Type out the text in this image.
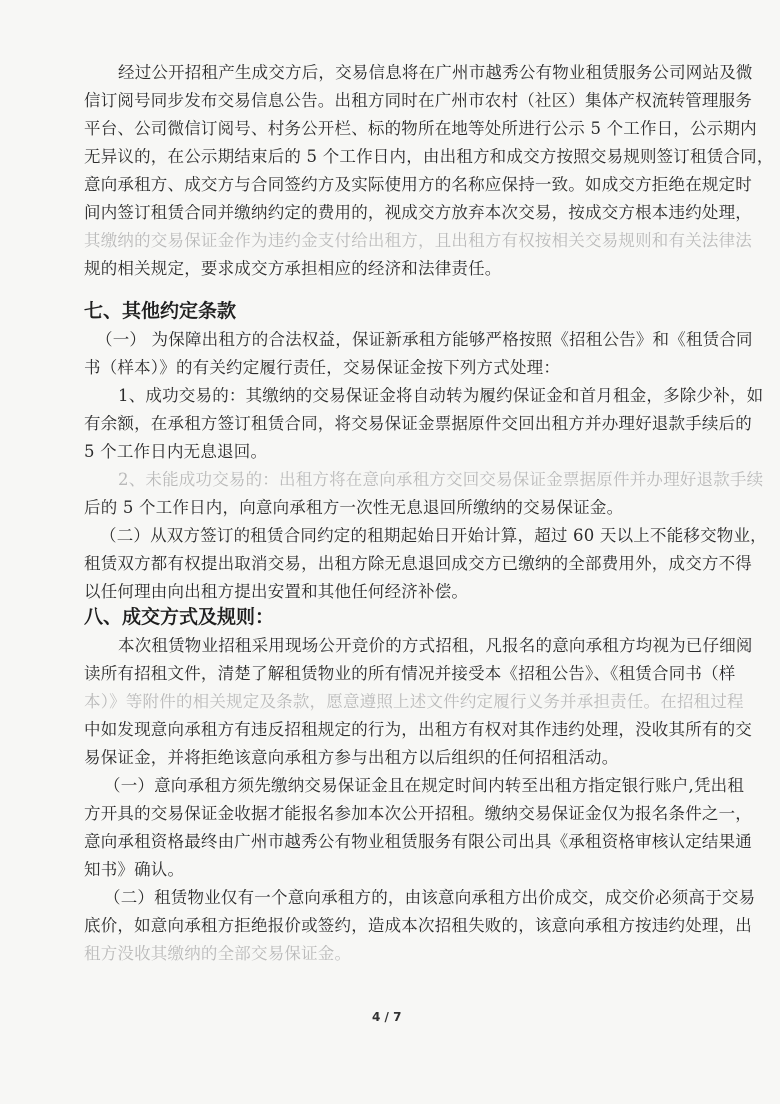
经过公开招租产生成交方后，交易信息将在广州市越秀公有物业租赁服务公司网站及微
信订阅号同步发布交易信息公告。出租方同时在广州市农村（社区）集体产权流转管理服务
平台、公司微信订阅号、村务公开栏、标的物所在地等处所进行公示 5 个工作日，公示期内
无异议的，在公示期结束后的 5 个工作日内，由出租方和成交方按照交易规则签订租赁合同，
意向承租方、成交方与合同签约方及实际使用方的名称应保持一致。如成交方拒绝在规定时
间内签订租赁合同并缴纳约定的费用的，视成交方放弃本次交易，按成交方根本违约处理，
其缴纳的交易保证金作为违约金支付给出租方，且出租方有权按相关交易规则和有关法律法
规的相关规定，要求成交方承担相应的经济和法律责任。
七、其他约定条款
（一） 为保障出租方的合法权益，保证新承租方能够严格按照《招租公告》和《租赁合同
书（样本）》的有关约定履行责任，交易保证金按下列方式处理：
1、成功交易的：其缴纳的交易保证金将自动转为履约保证金和首月租金，多除少补，如
有余额，在承租方签订租赁合同，将交易保证金票据原件交回出租方并办理好退款手续后的
5 个工作日内无息退回。
2、未能成功交易的：出租方将在意向承租方交回交易保证金票据原件并办理好退款手续
后的 5 个工作日内，向意向承租方一次性无息退回所缴纳的交易保证金。
（二）从双方签订的租赁合同约定的租期起始日开始计算，超过 60 天以上不能移交物业，
租赁双方都有权提出取消交易，出租方除无息退回成交方已缴纳的全部费用外，成交方不得
以任何理由向出租方提出安置和其他任何经济补偿。
八、成交方式及规则：
本次租赁物业招租采用现场公开竞价的方式招租，凡报名的意向承租方均视为已仔细阅
读所有招租文件，清楚了解租赁物业的所有情况并接受本《招租公告》、《租赁合同书（样
本）》等附件的相关规定及条款，愿意遵照上述文件约定履行义务并承担责任。在招租过程
中如发现意向承租方有违反招租规定的行为，出租方有权对其作违约处理，没收其所有的交
易保证金，并将拒绝该意向承租方参与出租方以后组织的任何招租活动。
（一）意向承租方须先缴纳交易保证金且在规定时间内转至出租方指定银行账户,凭出租
方开具的交易保证金收据才能报名参加本次公开招租。缴纳交易保证金仅为报名条件之一，
意向承租资格最终由广州市越秀公有物业租赁服务有限公司出具《承租资格审核认定结果通
知书》确认。
（二）租赁物业仅有一个意向承租方的，由该意向承租方出价成交，成交价必须高于交易
底价，如意向承租方拒绝报价或签约，造成本次招租失败的，该意向承租方按违约处理，出
租方没收其缴纳的全部交易保证金。
4 / 7
